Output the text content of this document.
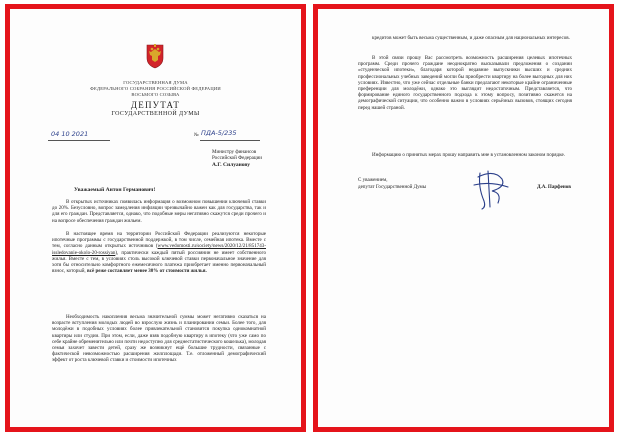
ГОСУДАРСТВЕННАЯ ДУМА
ФЕДЕРАЛЬНОГО СОБРАНИЯ РОССИЙСКОЙ ФЕДЕРАЦИИ
ВОСЬМОГО СОЗЫВА
ДЕПУТАТ
ГОСУДАРСТВЕННОЙ ДУМЫ
04 10 2021	№ ПДА-5/235
Министру финансов
Российской Федерации
А.Г. Силуанову
Уважаемый Антон Германович!

В открытых источниках появилась информация о возможном повышении ключевой ставки до 20%. Безусловно, вопрос замедления инфляции чрезвычайно важен как для государства, так и для его граждан. Представляется, однако, что подобные меры негативно скажутся среди прочего и на вопросе обеспечения граждан жильем.

В настоящее время на территории Российской Федерации реализуются некоторые ипотечные программы с государственной поддержкой, в том числе, семейная ипотека. Вместе с тем, согласно данным открытых источников (www.vedomosti.ru/society/news/2020/12/21/851743-issledovanie-okolo-20-rossiyan), практически каждый пятый россиянин не имеет собственного жилья. Вместе с тем, в условиях столь высокой ключевой ставки первоначальное значение для хотя бы относительно комфортного ежемесячного платежа приобретает именно первоначальный взнос, который, всё реже составляет менее 30% от стоимости жилья.

Необходимость накопления весьма значительной суммы может негативно сказаться на возрасте вступления молодых людей во взрослую жизнь и планировании семьи. Более того, для молодёжи в подобных условиях более привлекательной становится покупка однокомнатной квартиры или студии. При этом, если, даже взяв подобную квартиру в ипотеку (что уже само по себе крайне обременительно или почти недоступно для среднестатистического кошелька), молодая семья захочет завести детей, сразу же возникнут ещё большие трудности, связанные с фактической невозможностью расширения жилплощади. Т.е. отложенный демографический эффект от роста ключевой ставки и стоимости ипотечных

кредитов может быть весьма существенным, и даже опасным для национальных интересов.

В этой связи прошу Вас рассмотреть возможность расширения целевых ипотечных программ. Среди прочего граждане неоднократно высказывали предложения о создании «студенческой ипотеки», благодаря которой недавние выпускники высших и средних профессиональных учебных заведений могли бы приобрести квартиру на более выгодных для них условиях. Известно, что уже сейчас отдельные банки предлагают некоторые крайне ограниченные преференции для молодёжи, однако это выглядит недостаточным. Представляется, что формирование единого государственного подхода к этому вопросу, позитивно скажется на демографической ситуации, что особенно важно в условиях серьёзных вызовов, стоящих сегодня перед нашей страной.

Информацию о принятых мерах прошу направить мне в установленном законом порядке.

С уважением,
депутат Государственной Думы	Д.А. Парфенов
